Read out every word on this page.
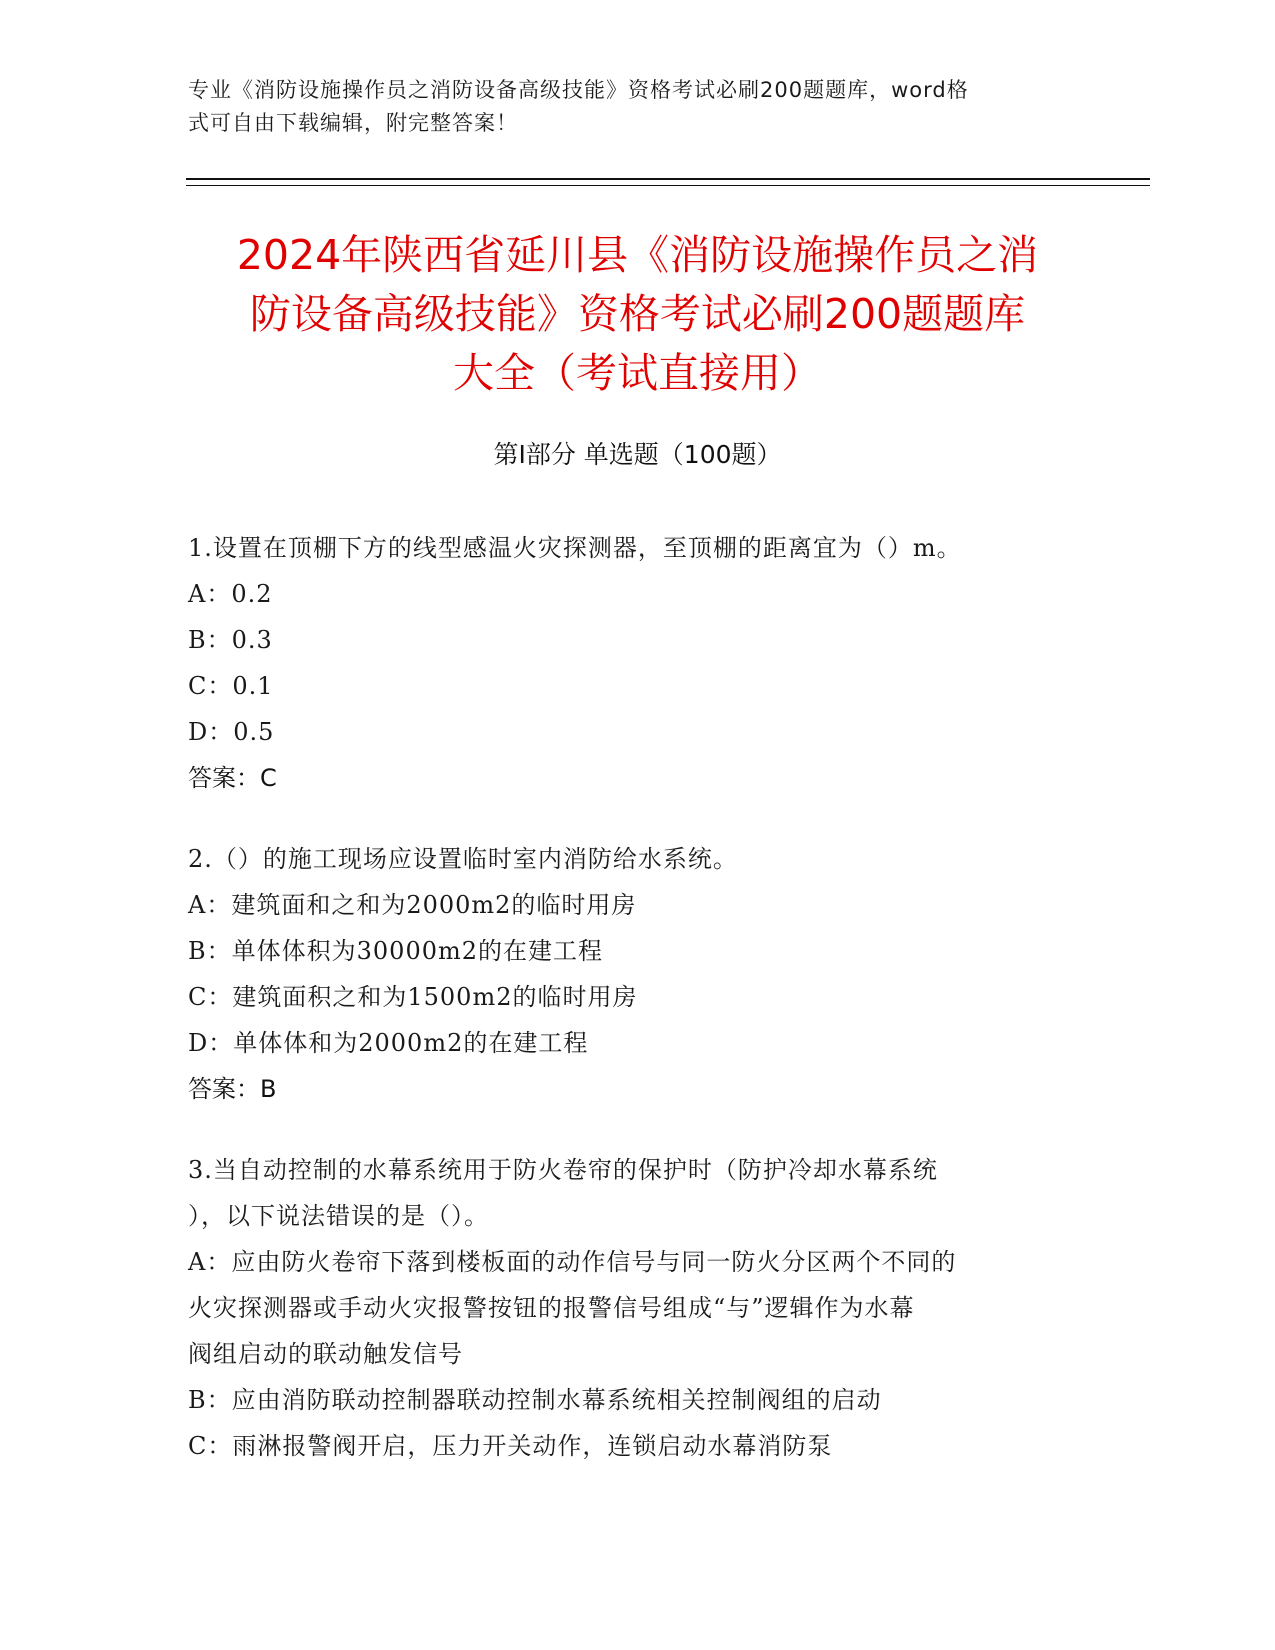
专业《消防设施操作员之消防设备高级技能》资格考试必刷200题题库，word格
式可自由下载编辑，附完整答案！
2024年陕西省延川县《消防设施操作员之消
防设备高级技能》资格考试必刷200题题库
大全（考试直接用）
第Ⅰ部分 单选题（100题）
1.设置在顶棚下方的线型感温火灾探测器，至顶棚的距离宜为（）m。
A：0.2
B：0.3
C：0.1
D：0.5
答案：C
2.（）的施工现场应设置临时室内消防给水系统。
A：建筑面和之和为2000m2的临时用房
B：单体体积为30000m2的在建工程
C：建筑面积之和为1500m2的临时用房
D：单体体和为2000m2的在建工程
答案：B
3.当自动控制的水幕系统用于防火卷帘的保护时（防护冷却水幕系统
），以下说法错误的是（）。
A：应由防火卷帘下落到楼板面的动作信号与同一防火分区两个不同的
火灾探测器或手动火灾报警按钮的报警信号组成“与”逻辑作为水幕
阀组启动的联动触发信号
B：应由消防联动控制器联动控制水幕系统相关控制阀组的启动
C：雨淋报警阀开启，压力开关动作，连锁启动水幕消防泵
